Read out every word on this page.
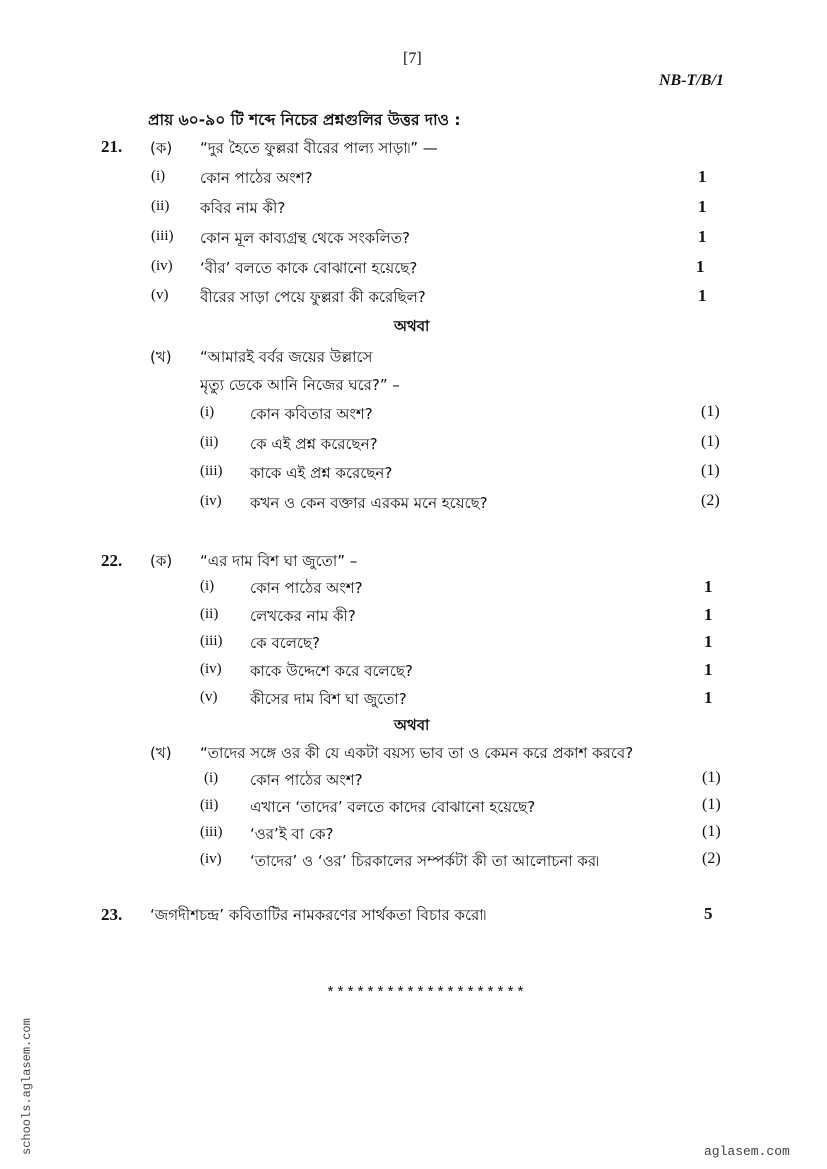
[7]
NB-T/B/1
প্রায় ৬০-৯০ টি শব্দে নিচের প্রশ্নগুলির উত্তর দাও :
21. (ক) “দুর হৈতে ফুল্লরা বীরের পাল্য সাড়া৷” —
(i) কোন পাঠের অংশ?	1
(ii) কবির নাম কী?	1
(iii) কোন মূল কাব্যগ্রন্থ থেকে সংকলিত?	1
(iv) ‘বীর’ বলতে কাকে বোঝানো হয়েছে?	1
(v) বীরের সাড়া পেয়ে ফুল্লরা কী করেছিল?	1
অথবা
(খ) “আমারই বর্বর জয়ের উল্লাসে
মৃত্যু ডেকে আনি নিজের ঘরে?” –
(i) কোন কবিতার অংশ?	(1)
(ii) কে এই প্রশ্ন করেছেন?	(1)
(iii) কাকে এই প্রশ্ন করেছেন?	(1)
(iv) কখন ও কেন বক্তার এরকম মনে হয়েছে?	(2)
22. (ক) “এর দাম বিশ ঘা জুতো” –
(i) কোন পাঠের অংশ?	1
(ii) লেখকের নাম কী?	1
(iii) কে বলেছে?	1
(iv) কাকে উদ্দেশে করে বলেছে?	1
(v) কীসের দাম বিশ ঘা জুতো?	1
অথবা
(খ) “তাদের সঙ্গে ওর কী যে একটা বয়স্য ভাব তা ও কেমন করে প্রকাশ করবে?
(i) কোন পাঠের অংশ?	(1)
(ii) এখানে ‘তাদের’ বলতে কাদের বোঝানো হয়েছে?	(1)
(iii) ‘ওর’ই বা কে?	(1)
(iv) ‘তাদের’ ও ‘ওর’ চিরকালের সম্পর্কটা কী তা আলোচনা কর৷	(2)
23. ‘জগদীশচন্দ্র’ কবিতাটির নামকরণের সার্থকতা বিচার করো৷	5
********************
schools.aglasem.com	aglasem.com
